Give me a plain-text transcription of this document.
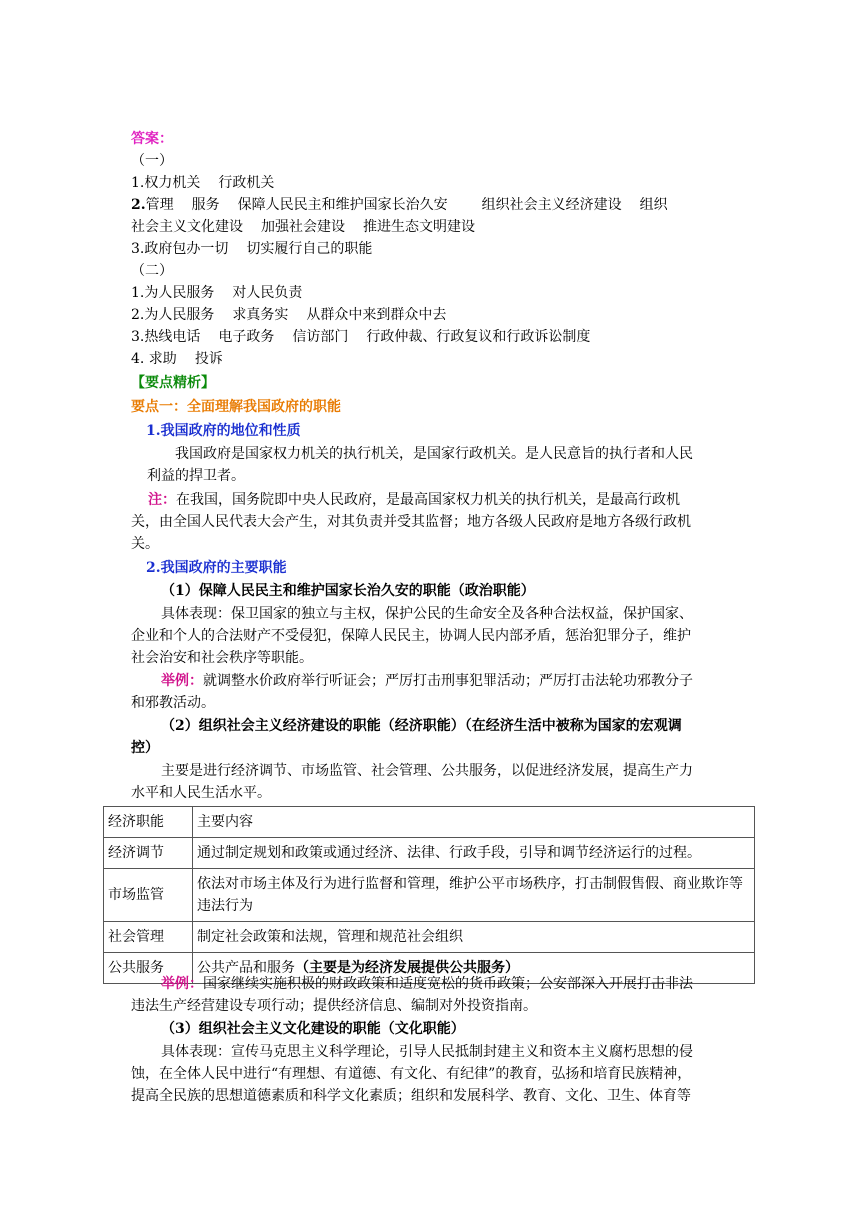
答案：
（一）
1.权力机关 行政机关
2.管理 服务 保障人民民主和维护国家长治久安 组织社会主义经济建设 组织
社会主义文化建设 加强社会建设 推进生态文明建设
3.政府包办一切 切实履行自己的职能
（二）
1.为人民服务 对人民负责
2.为人民服务 求真务实 从群众中来到群众中去
3.热线电话 电子政务 信访部门 行政仲裁、行政复议和行政诉讼制度
4. 求助 投诉
【要点精析】
要点一：全面理解我国政府的职能
1.我国政府的地位和性质
我国政府是国家权力机关的执行机关，是国家行政机关。是人民意旨的执行者和人民
利益的捍卫者。
注：在我国，国务院即中央人民政府，是最高国家权力机关的执行机关，是最高行政机
关，由全国人民代表大会产生，对其负责并受其监督；地方各级人民政府是地方各级行政机
关。
2.我国政府的主要职能
（1）保障人民民主和维护国家长治久安的职能（政治职能）
具体表现：保卫国家的独立与主权，保护公民的生命安全及各种合法权益，保护国家、
企业和个人的合法财产不受侵犯，保障人民民主，协调人民内部矛盾，惩治犯罪分子，维护
社会治安和社会秩序等职能。
举例：就调整水价政府举行听证会；严厉打击刑事犯罪活动；严厉打击法轮功邪教分子
和邪教活动。
（2）组织社会主义经济建设的职能（经济职能）（在经济生活中被称为国家的宏观调
控）
主要是进行经济调节、市场监管、社会管理、公共服务，以促进经济发展，提高生产力
水平和人民生活水平。
经济职能	主要内容
经济调节	通过制定规划和政策或通过经济、法律、行政手段，引导和调节经济运行的过程。
市场监管	依法对市场主体及行为进行监督和管理，维护公平市场秩序，打击制假售假、商业欺诈等违法行为
社会管理	制定社会政策和法规，管理和规范社会组织
公共服务	公共产品和服务（主要是为经济发展提供公共服务）
举例：国家继续实施积极的财政政策和适度宽松的货币政策；公安部深入开展打击非法
违法生产经营建设专项行动；提供经济信息、编制对外投资指南。
（3）组织社会主义文化建设的职能（文化职能）
具体表现：宣传马克思主义科学理论，引导人民抵制封建主义和资本主义腐朽思想的侵
蚀，在全体人民中进行“有理想、有道德、有文化、有纪律”的教育，弘扬和培育民族精神，
提高全民族的思想道德素质和科学文化素质；组织和发展科学、教育、文化、卫生、体育等
